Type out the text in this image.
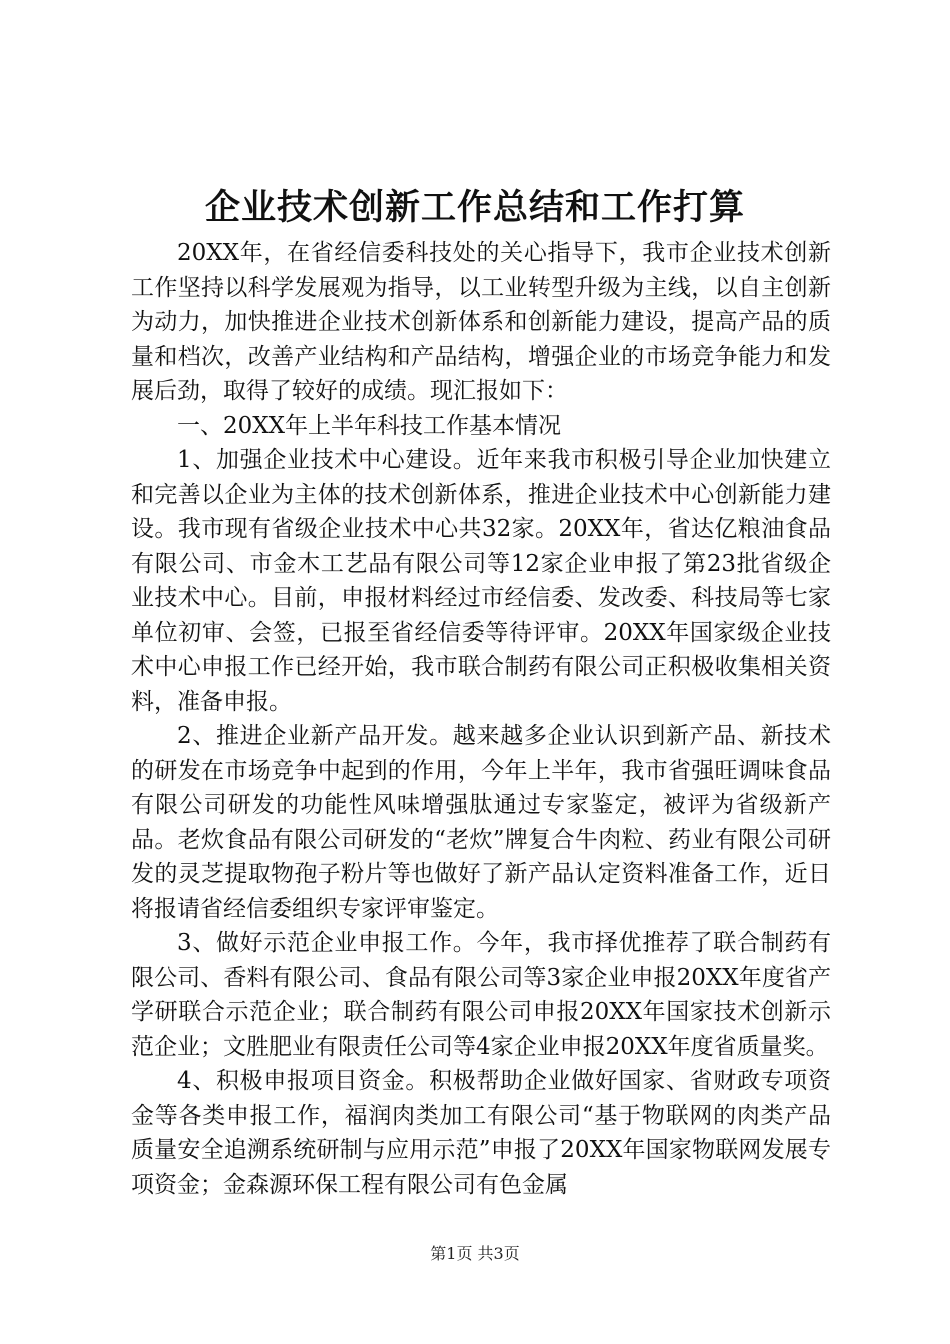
企业技术创新工作总结和工作打算

20XX年，在省经信委科技处的关心指导下，我市企业技术创新工作坚持以科学发展观为指导，以工业转型升级为主线，以自主创新为动力，加快推进企业技术创新体系和创新能力建设，提高产品的质量和档次，改善产业结构和产品结构，增强企业的市场竞争能力和发展后劲，取得了较好的成绩。现汇报如下：

一、20XX年上半年科技工作基本情况

1、加强企业技术中心建设。近年来我市积极引导企业加快建立和完善以企业为主体的技术创新体系，推进企业技术中心创新能力建设。我市现有省级企业技术中心共32家。20XX年，省达亿粮油食品有限公司、市金木工艺品有限公司等12家企业申报了第23批省级企业技术中心。目前，申报材料经过市经信委、发改委、科技局等七家单位初审、会签，已报至省经信委等待评审。20XX年国家级企业技术中心申报工作已经开始，我市联合制药有限公司正积极收集相关资料，准备申报。

2、推进企业新产品开发。越来越多企业认识到新产品、新技术的研发在市场竞争中起到的作用，今年上半年，我市省强旺调味食品有限公司研发的功能性风味增强肽通过专家鉴定，被评为省级新产品。老炊食品有限公司研发的“老炊”牌复合牛肉粒、药业有限公司研发的灵芝提取物孢子粉片等也做好了新产品认定资料准备工作，近日将报请省经信委组织专家评审鉴定。

3、做好示范企业申报工作。今年，我市择优推荐了联合制药有限公司、香料有限公司、食品有限公司等3家企业申报20XX年度省产学研联合示范企业；联合制药有限公司申报20XX年国家技术创新示范企业；文胜肥业有限责任公司等4家企业申报20XX年度省质量奖。

4、积极申报项目资金。积极帮助企业做好国家、省财政专项资金等各类申报工作，福润肉类加工有限公司“基于物联网的肉类产品质量安全追溯系统研制与应用示范”申报了20XX年国家物联网发展专项资金；金森源环保工程有限公司有色金属

第1页 共3页
